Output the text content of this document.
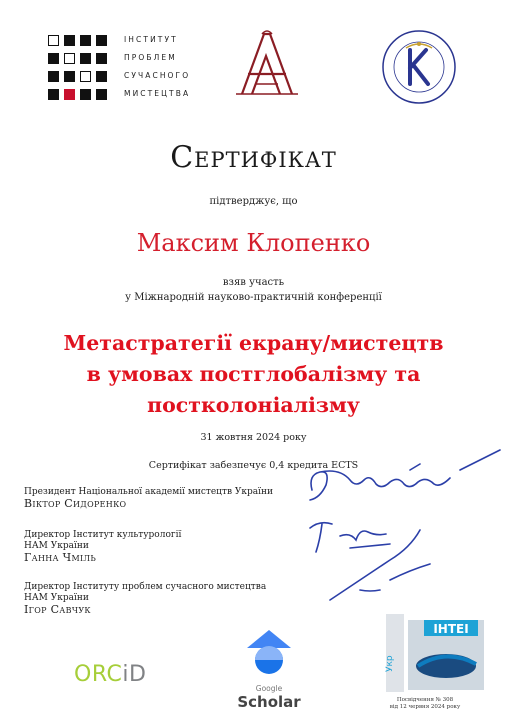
ІНСТИТУТ
ПРОБЛЕМ
СУЧАСНОГО
МИСТЕЦТВА
Сертифікат
підтверджує, що
Максим Клопенко
взяв участь
у Міжнародній науково-практичній конференції
Метастратегії екрану/мистецтв
в умовах постглобалізму та
постколоніалізму
31 жовтня 2024 року
Сертифікат забезпечує 0,4 кредита ECTS
Президент Національної академії мистецтв України
Віктор Сидоренко
Директор Інститут культурології
НАМ України
Ганна Чміль
Директор Інституту проблем сучасного мистецтва
НАМ України
Ігор Савчук
ORCiD
Google
Scholar
ІНТЕІ
Укр
Посвідчення № 308
від 12 червня 2024 року
